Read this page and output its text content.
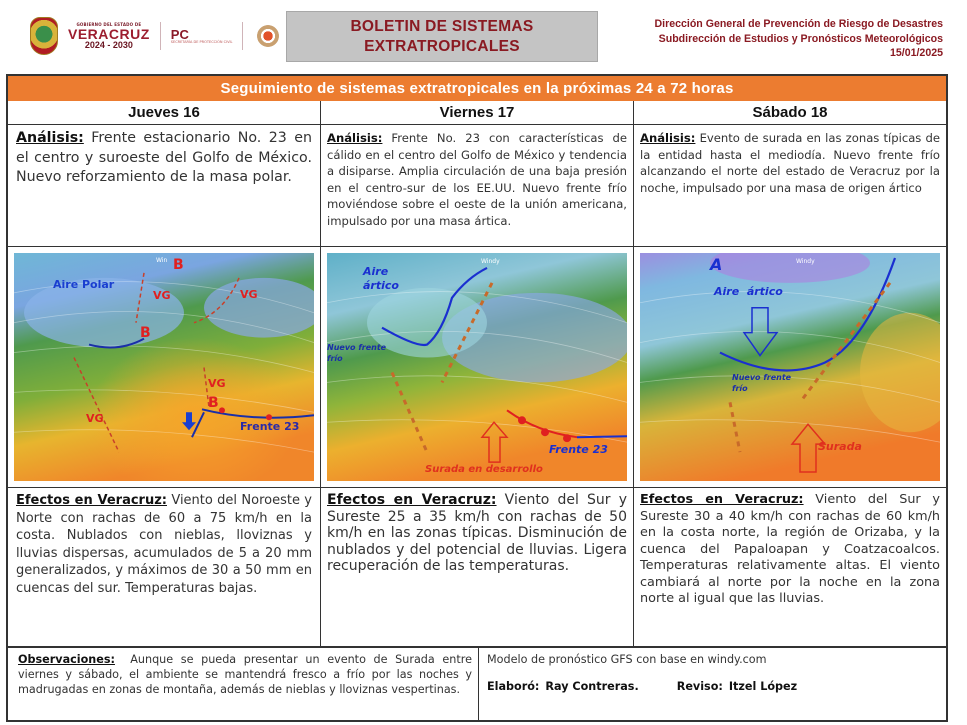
GOBIERNO DEL ESTADO DE
VERACRUZ
2024 - 2030
PC
SECRETARÍA DE PROTECCIÓN CIVIL
BOLETIN DE SISTEMAS
EXTRATROPICALES
Dirección General de Prevención de Riesgo de Desastres
Subdirección de Estudios y Pronósticos Meteorológicos
15/01/2025
Seguimiento de sistemas extratropicales en la próximas 24 a 72 horas
Jueves 16	Viernes 17	Sábado 18

Análisis: Frente estacionario No. 23 en el centro y suroeste del Golfo de México. Nuevo reforzamiento de la masa polar.

Análisis: Frente No. 23 con características de cálido en el centro del Golfo de México y tendencia a disiparse. Amplia circulación de una baja presión en el centro-sur de los EE.UU. Nuevo frente frío moviéndose sobre el oeste de la unión americana, impulsado por una masa ártica.

Análisis: Evento de surada en las zonas típicas de la entidad hasta el mediodía. Nuevo frente frío alcanzando el norte del estado de Veracruz por la noche, impulsado por una masa de origen ártico

Aire Polar
VG	VG
VG
VG
B
B
B
Frente 23
Win
Aire
ártico
Nuevo frente
frío
Frente 23
Surada en desarrollo
Windy	A
Aire  ártico
Nuevo frente
frío
Surada
Windy

Efectos en Veracruz: Viento del Noroeste y Norte con rachas de 60 a 75 km/h en la costa. Nublados con nieblas, lloviznas y lluvias dispersas, acumulados de 5 a 20 mm generalizados, y máximos de 30 a 50 mm en cuencas del sur. Temperaturas bajas.

Efectos en Veracruz: Viento del Sur y Sureste 25 a 35 km/h con rachas de 50 km/h en las zonas típicas. Disminución de nublados y del potencial de lluvias. Ligera recuperación de las temperaturas.

Efectos en Veracruz: Viento del Sur y Sureste 30 a 40 km/h con rachas de 60 km/h en la costa norte, la región de Orizaba, y la cuenca del Papaloapan y Coatzacoalcos. Temperaturas relativamente altas. El viento cambiará al norte por la noche en la zona norte al igual que las lluvias.

Observaciones:  Aunque se pueda presentar un evento de Surada entre viernes y sábado, el ambiente se mantendrá fresco a frío por las noches y madrugadas en zonas de montaña, además de nieblas y lloviznas vespertinas.
Modelo de pronóstico GFS con base en windy.com
Elaboró: Ray Contreras.	Reviso: Itzel López
